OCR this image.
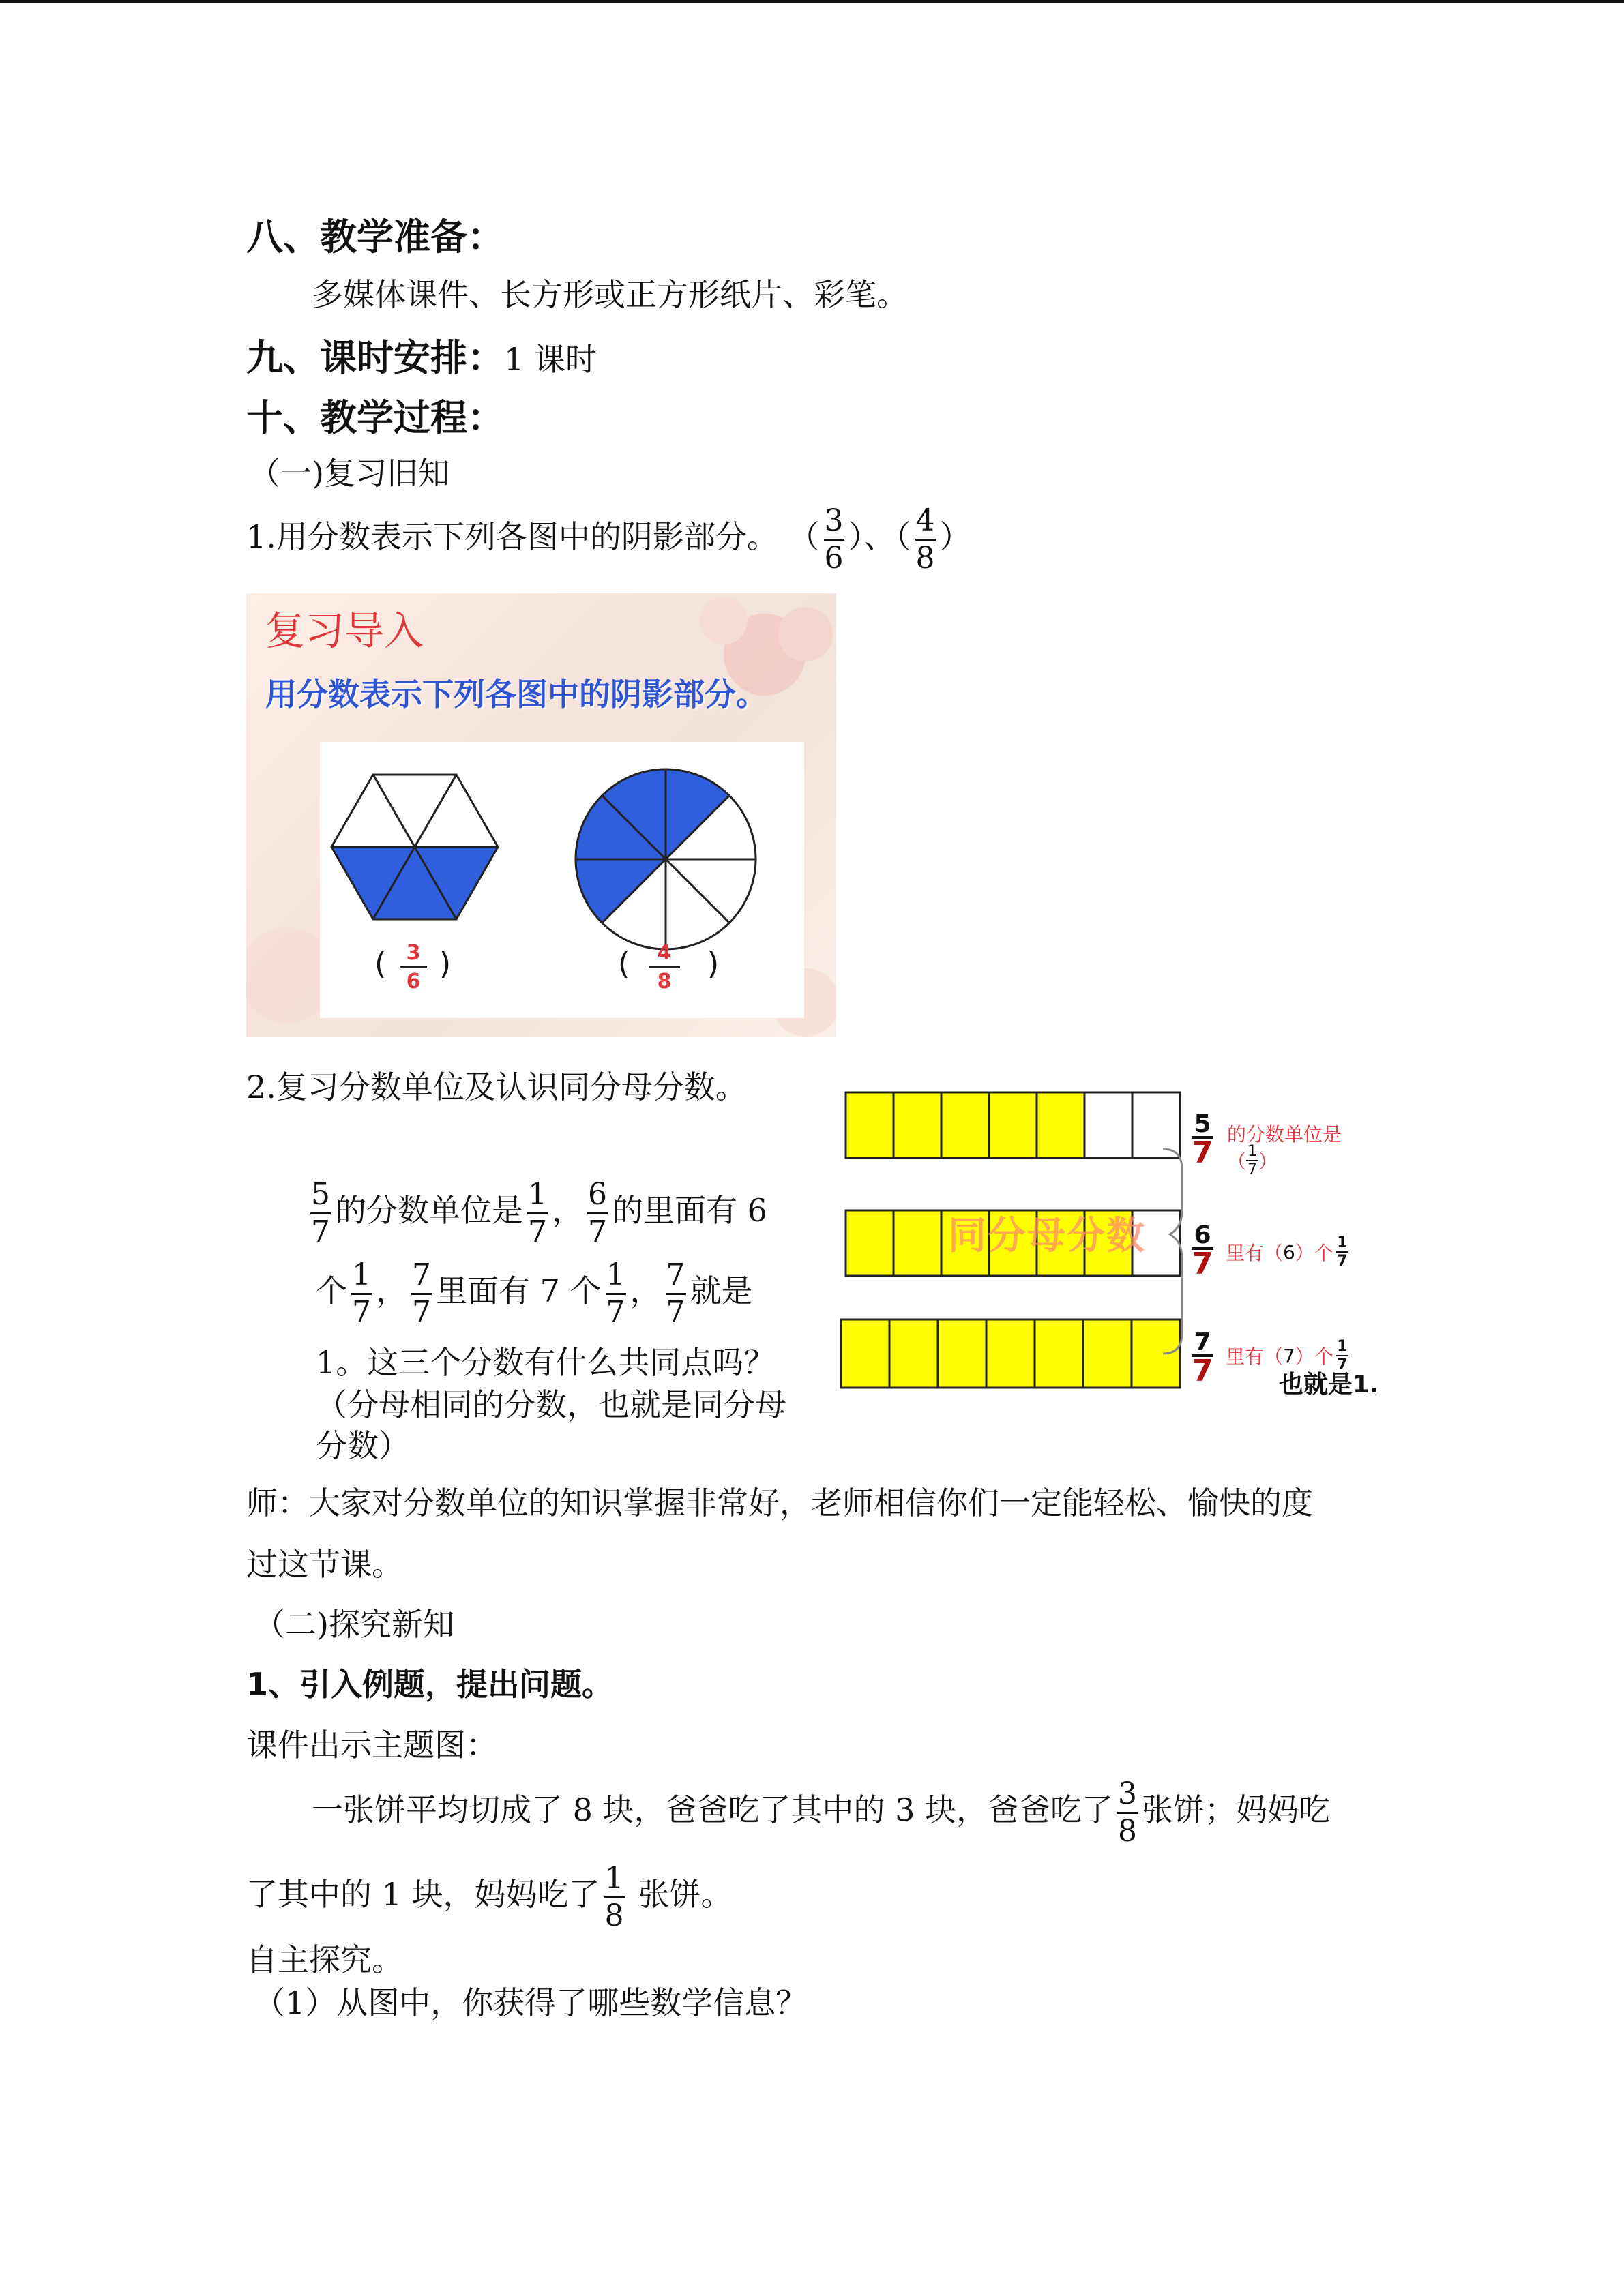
八、教学准备：
多媒体课件、长方形或正方形纸片、彩笔。
九、课时安排：1 课时
十、教学过程：
（一)复习旧知
1.用分数表示下列各图中的阴影部分。 （ $\frac{3}{6}$ ）、（ $\frac{4}{8}$ ）
复习导入
用分数表示下列各图中的阴影部分。
( 3
6
)	(	4
8
)
2.复习分数单位及认识同分母分数。
$\frac{5}{7}$ 的分数单位是 $\frac{1}{7}$ ， $\frac{6}{7}$ 的里面有 6
个 $\frac{1}{7}$ ， $\frac{7}{7}$ 里面有 7 个 $\frac{1}{7}$ ， $\frac{7}{7}$ 就是
1。这三个分数有什么共同点吗？
（分母相同的分数，也就是同分母
分数）
同分母分数
5
7
的分数单位是
（ 1
7 ）
6
7 里有（ 6 ）个 1
7
7
7 里有（ 7 ）个 1
7
也就是1.
师：大家对分数单位的知识掌握非常好，老师相信你们一定能轻松、愉快的度
过这节课。
（二)探究新知
1、引入例题，提出问题。
课件出示主题图：
一张饼平均切成了 8 块，爸爸吃了其中的 3 块，爸爸吃了 $\frac{3}{8}$ 张饼；妈妈吃
了其中的 1 块，妈妈吃了 $\frac{1}{8}$ 张饼。
自主探究。
（1）从图中，你获得了哪些数学信息？
